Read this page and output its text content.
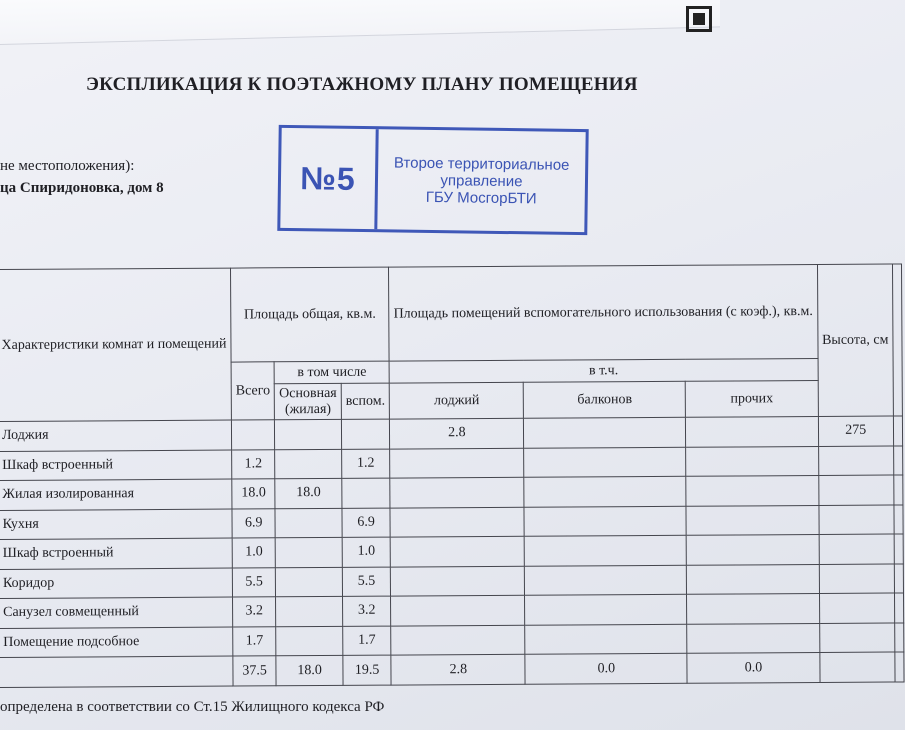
ЭКСПЛИКАЦИЯ К ПОЭТАЖНОМУ ПЛАНУ ПОМЕЩЕНИЯ
не местоположения):
ца Спиридоновка, дом 8	№5	Второе территориальное
управление
ГБУ МосгорБТИ
Характеристики комнат и помещений	Площадь общая, кв.м.			Площадь помещений вспомогательного использования (с коэф.), кв.м.			Высота, см	
	Всего	в том числе		в т.ч.				
		Основная (жилая)	вспом.	лоджий	балконов	прочих		
Лоджия				2.8			275	
Шкаф встроенный	1.2		1.2					
Жилая изолированная	18.0	18.0						
Кухня	6.9		6.9					
Шкаф встроенный	1.0		1.0					
Коридор	5.5		5.5					
Санузел совмещенный	3.2		3.2					
Помещение подсобное	1.7		1.7					
	37.5	18.0	19.5	2.8	0.0	0.0		
определена в соответствии со Ст.15 Жилищного кодекса РФ
